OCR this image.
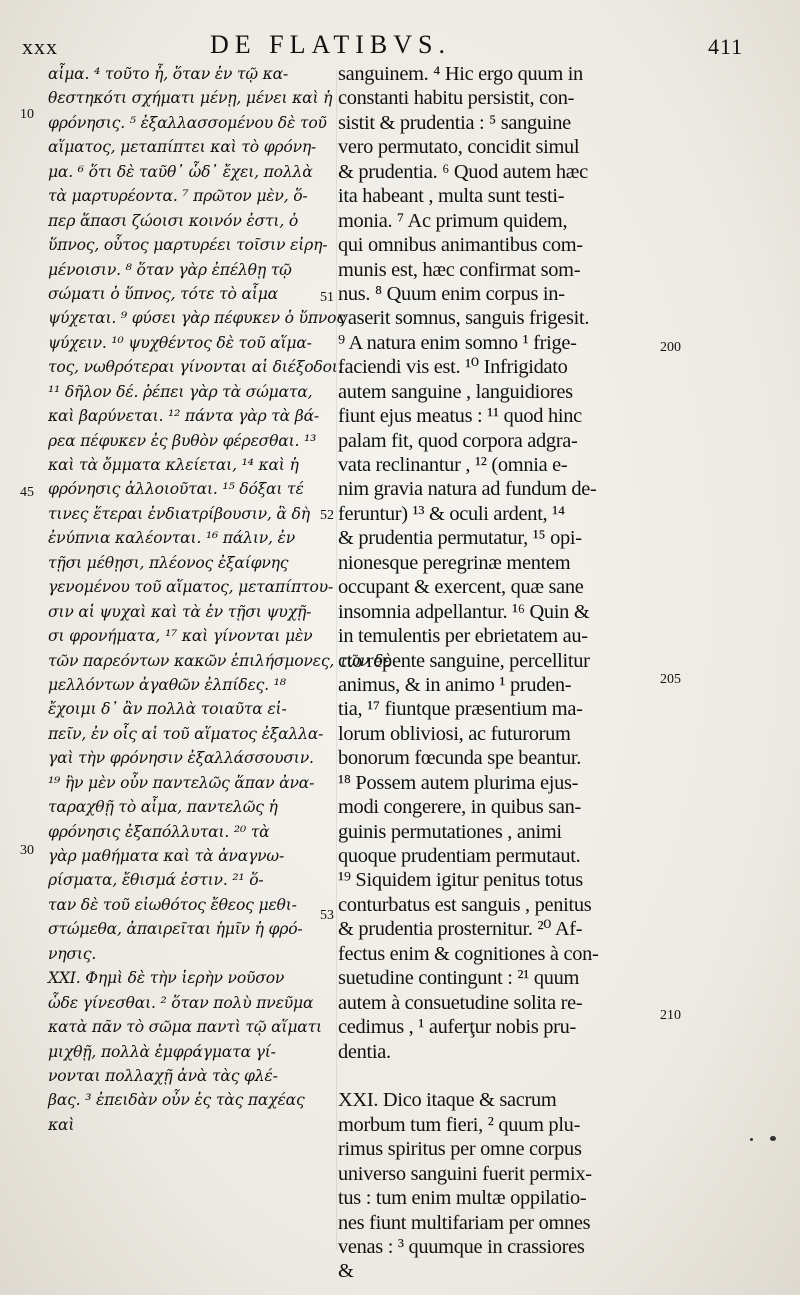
xxx	DE FLATIBVS.	411
αἷμα. ⁴ τοῦτο ἦ, ὅταν ἐν τῷ κα-
θεστηκότι σχήματι μένῃ, μένει καὶ ἡ
φρόνησις. ⁵ ἐξαλλασσομένου δὲ τοῦ
αἵματος, μεταπίπτει καὶ τὸ φρόνη-
μα. ⁶ ὅτι δὲ ταῦθ᾽ ὧδ᾽ ἔχει, πολλὰ
τὰ μαρτυρέοντα. ⁷ πρῶτον μὲν, ὅ-
περ ἅπασι ζώοισι κοινόν ἐστι, ὁ
ὕπνος, οὗτος μαρτυρέει τοῖσιν εἰρη-
μένοισιν. ⁸ ὅταν γὰρ ἐπέλθῃ τῷ
σώματι ὁ ὕπνος, τότε τὸ αἷμα
ψύχεται. ⁹ φύσει γὰρ πέφυκεν ὁ ὕπνος
ψύχειν. ¹⁰ ψυχθέντος δὲ τοῦ αἵμα-
τος, νωθρότεραι γίνονται αἱ διέξοδοι.
¹¹ δῆλον δέ. ῥέπει γὰρ τὰ σώματα,
καὶ βαρύνεται. ¹² πάντα γὰρ τὰ βά-
ρεα πέφυκεν ἐς βυθὸν φέρεσθαι. ¹³
καὶ τὰ ὄμματα κλείεται, ¹⁴ καὶ ἡ
φρόνησις ἀλλοιοῦται. ¹⁵ δόξαι τέ
τινες ἕτεραι ἐνδιατρίβουσιν, ἃ δὴ
ἐνύπνια καλέονται. ¹⁶ πάλιν, ἐν
τῇσι μέθῃσι, πλέονος ἐξαίφνης
γενομένου τοῦ αἵματος, μεταπίπτου-
σιν αἱ ψυχαὶ καὶ τὰ ἐν τῇσι ψυχῇ-
σι φρονήματα, ¹⁷ καὶ γίνονται μὲν
τῶν παρεόντων κακῶν ἐπιλήσμονες, τῶν δὲ
μελλόντων ἀγαθῶν ἐλπίδες. ¹⁸
ἔχοιμι δ᾽ ἂν πολλὰ τοιαῦτα εἰ-
πεῖν, ἐν οἷς αἱ τοῦ αἵματος ἐξαλλα-
γαὶ τὴν φρόνησιν ἐξαλλάσσουσιν.
¹⁹ ἢν μὲν οὖν παντελῶς ἅπαν ἀνα-
ταραχθῇ τὸ αἷμα, παντελῶς ἡ
φρόνησις ἐξαπόλλυται. ²⁰ τὰ
γὰρ μαθήματα καὶ τὰ ἀναγνω-
ρίσματα, ἔθισμά ἐστιν. ²¹ ὅ-
ταν δὲ τοῦ εἰωθότος ἔθεος μεθι-
στώμεθα, ἀπαιρεῖται ἡμῖν ἡ φρό-
νησις.
XXI. Φημὶ δὲ τὴν ἱερὴν νοῦσον
ὧδε γίνεσθαι. ² ὅταν πολὺ πνεῦμα
κατὰ πᾶν τὸ σῶμα παντὶ τῷ αἵματι
μιχθῇ, πολλὰ ἐμφράγματα γί-
νονται πολλαχῇ ἀνὰ τὰς φλέ-
βας. ³ ἐπειδὰν οὖν ἐς τὰς παχέας
καὶ
sanguinem. ⁴ Hic ergo quum in
constanti habitu persistit, con-
sistit & prudentia : ⁵ sanguine
vero permutato, concidit simul
& prudentia. ⁶ Quod autem hæc
ita habeant , multa sunt testi-
monia. ⁷ Ac primum quidem,
qui omnibus animantibus com-
munis est, hæc confirmat som-
nus. ⁸ Quum enim corpus in-
vaserit somnus, sanguis frigesit.
⁹ A natura enim somno ¹ frige-
faciendi vis est. ¹⁰ Infrigidato
autem sanguine , languidiores
fiunt ejus meatus : ¹¹ quod hinc
palam fit, quod corpora adgra-
vata reclinantur , ¹² (omnia e-
nim gravia natura ad fundum de-
feruntur) ¹³ & oculi ardent, ¹⁴
& prudentia permutatur, ¹⁵ opi-
nionesque peregrinæ mentem
occupant & exercent, quæ sane
insomnia adpellantur. ¹⁶ Quin &
in temulentis per ebrietatem au-
cto repente sanguine, percellitur
animus, & in animo ¹ pruden-
tia, ¹⁷ fiuntque præsentium ma-
lorum obliviosi, ac futurorum
bonorum fœcunda spe beantur.
¹⁸ Possem autem plurima ejus-
modi congerere, in quibus san-
guinis permutationes , animi
quoque prudentiam permutaut.
¹⁹ Siquidem igitur penitus totus
conturbatus est sanguis , penitus
& prudentia prosternitur. ²⁰ Af-
fectus enim & cognitiones à con-
suetudine contingunt : ²¹ quum
autem à consuetudine solita re-
cedimus , ¹ auferţur nobis pru-
dentia.
XXI. Dico itaque & sacrum
morbum tum fieri, ² quum plu-
rimus spiritus per omne corpus
universo sanguini fuerit permix-
tus : tum enim multæ oppilatio-
nes fiunt multifariam per omnes
venas : ³ quumque in crassiores
&
10
45
30
51
52
53
200
205
210
